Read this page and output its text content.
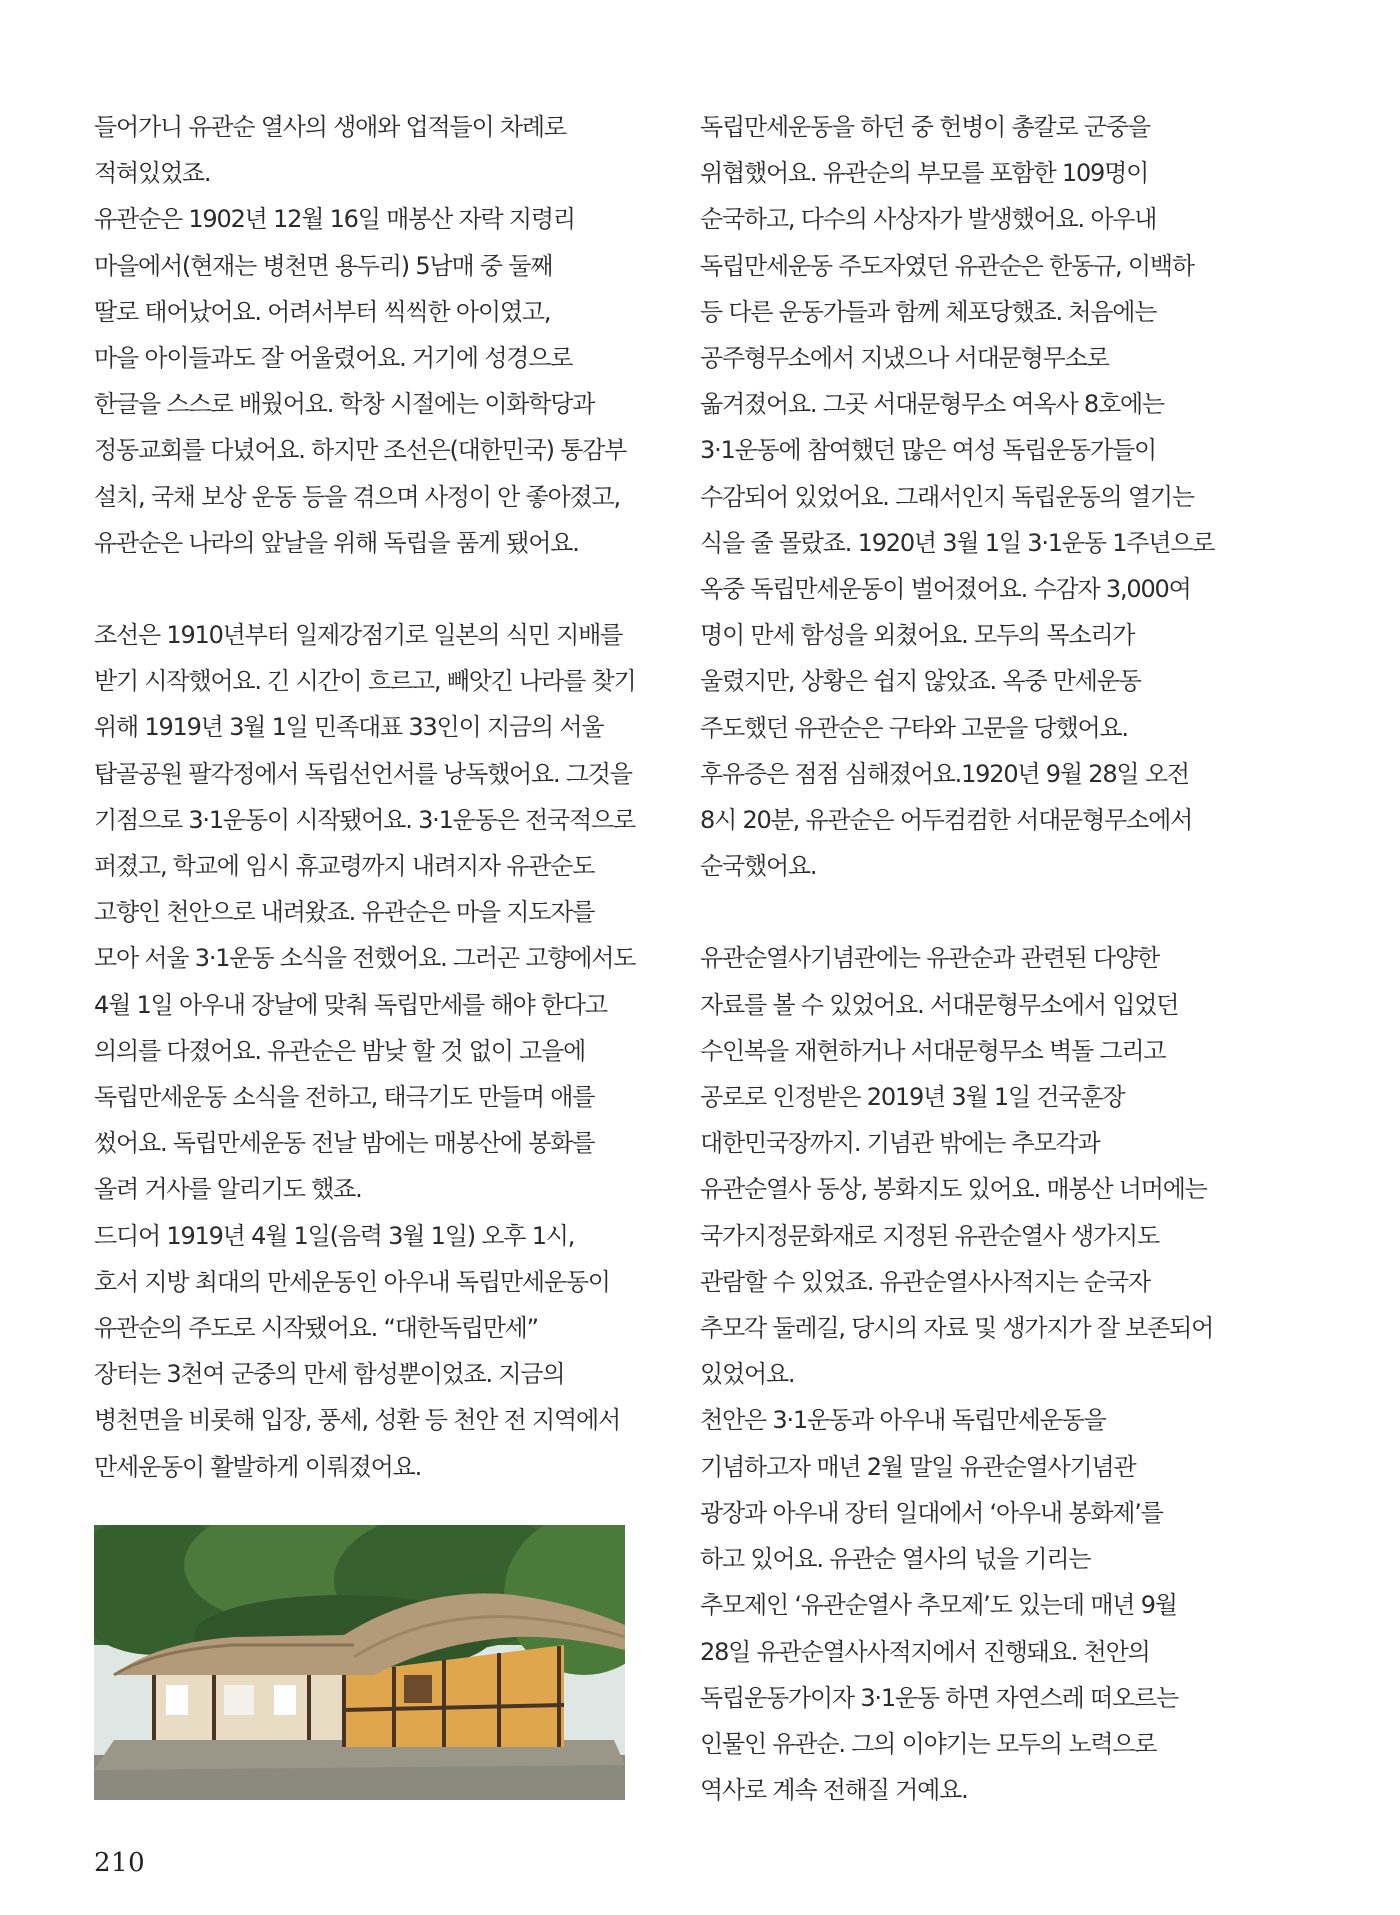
들어가니 유관순 열사의 생애와 업적들이 차례로

적혀있었죠.

유관순은 1902년 12월 16일 매봉산 자락 지령리

마을에서(현재는 병천면 용두리) 5남매 중 둘째

딸로 태어났어요. 어려서부터 씩씩한 아이였고,

마을 아이들과도 잘 어울렸어요. 거기에 성경으로

한글을 스스로 배웠어요. 학창 시절에는 이화학당과

정동교회를 다녔어요. 하지만 조선은(대한민국) 통감부

설치, 국채 보상 운동 등을 겪으며 사정이 안 좋아졌고,

유관순은 나라의 앞날을 위해 독립을 품게 됐어요.

조선은 1910년부터 일제강점기로 일본의 식민 지배를

받기 시작했어요. 긴 시간이 흐르고, 빼앗긴 나라를 찾기

위해 1919년 3월 1일 민족대표 33인이 지금의 서울

탑골공원 팔각정에서 독립선언서를 낭독했어요. 그것을

기점으로 3·1운동이 시작됐어요. 3·1운동은 전국적으로

퍼졌고, 학교에 임시 휴교령까지 내려지자 유관순도

고향인 천안으로 내려왔죠. 유관순은 마을 지도자를

모아 서울 3·1운동 소식을 전했어요. 그러곤 고향에서도

4월 1일 아우내 장날에 맞춰 독립만세를 해야 한다고

의의를 다졌어요. 유관순은 밤낮 할 것 없이 고을에

독립만세운동 소식을 전하고, 태극기도 만들며 애를

썼어요. 독립만세운동 전날 밤에는 매봉산에 봉화를

올려 거사를 알리기도 했죠.

드디어 1919년 4월 1일(음력 3월 1일) 오후 1시,

호서 지방 최대의 만세운동인 아우내 독립만세운동이

유관순의 주도로 시작됐어요. “대한독립만세”

장터는 3천여 군중의 만세 함성뿐이었죠. 지금의

병천면을 비롯해 입장, 풍세, 성환 등 천안 전 지역에서

만세운동이 활발하게 이뤄졌어요.

독립만세운동을 하던 중 헌병이 총칼로 군중을

위협했어요. 유관순의 부모를 포함한 109명이

순국하고, 다수의 사상자가 발생했어요. 아우내

독립만세운동 주도자였던 유관순은 한동규, 이백하

등 다른 운동가들과 함께 체포당했죠. 처음에는

공주형무소에서 지냈으나 서대문형무소로

옮겨졌어요. 그곳 서대문형무소 여옥사 8호에는

3·1운동에 참여했던 많은 여성 독립운동가들이

수감되어 있었어요. 그래서인지 독립운동의 열기는

식을 줄 몰랐죠. 1920년 3월 1일 3·1운동 1주년으로

옥중 독립만세운동이 벌어졌어요. 수감자 3,000여

명이 만세 함성을 외쳤어요. 모두의 목소리가

울렸지만, 상황은 쉽지 않았죠. 옥중 만세운동

주도했던 유관순은 구타와 고문을 당했어요.

후유증은 점점 심해졌어요.1920년 9월 28일 오전

8시 20분, 유관순은 어두컴컴한 서대문형무소에서

순국했어요.

유관순열사기념관에는 유관순과 관련된 다양한

자료를 볼 수 있었어요. 서대문형무소에서 입었던

수인복을 재현하거나 서대문형무소 벽돌 그리고

공로로 인정받은 2019년 3월 1일 건국훈장

대한민국장까지. 기념관 밖에는 추모각과

유관순열사 동상, 봉화지도 있어요. 매봉산 너머에는

국가지정문화재로 지정된 유관순열사 생가지도

관람할 수 있었죠. 유관순열사사적지는 순국자

추모각 둘레길, 당시의 자료 및 생가지가 잘 보존되어

있었어요.

천안은 3·1운동과 아우내 독립만세운동을

기념하고자 매년 2월 말일 유관순열사기념관

광장과 아우내 장터 일대에서 ‘아우내 봉화제’를

하고 있어요. 유관순 열사의 넋을 기리는

추모제인 ‘유관순열사 추모제’도 있는데 매년 9월

28일 유관순열사사적지에서 진행돼요. 천안의

독립운동가이자 3·1운동 하면 자연스레 떠오르는

인물인 유관순. 그의 이야기는 모두의 노력으로

역사로 계속 전해질 거예요.

210
